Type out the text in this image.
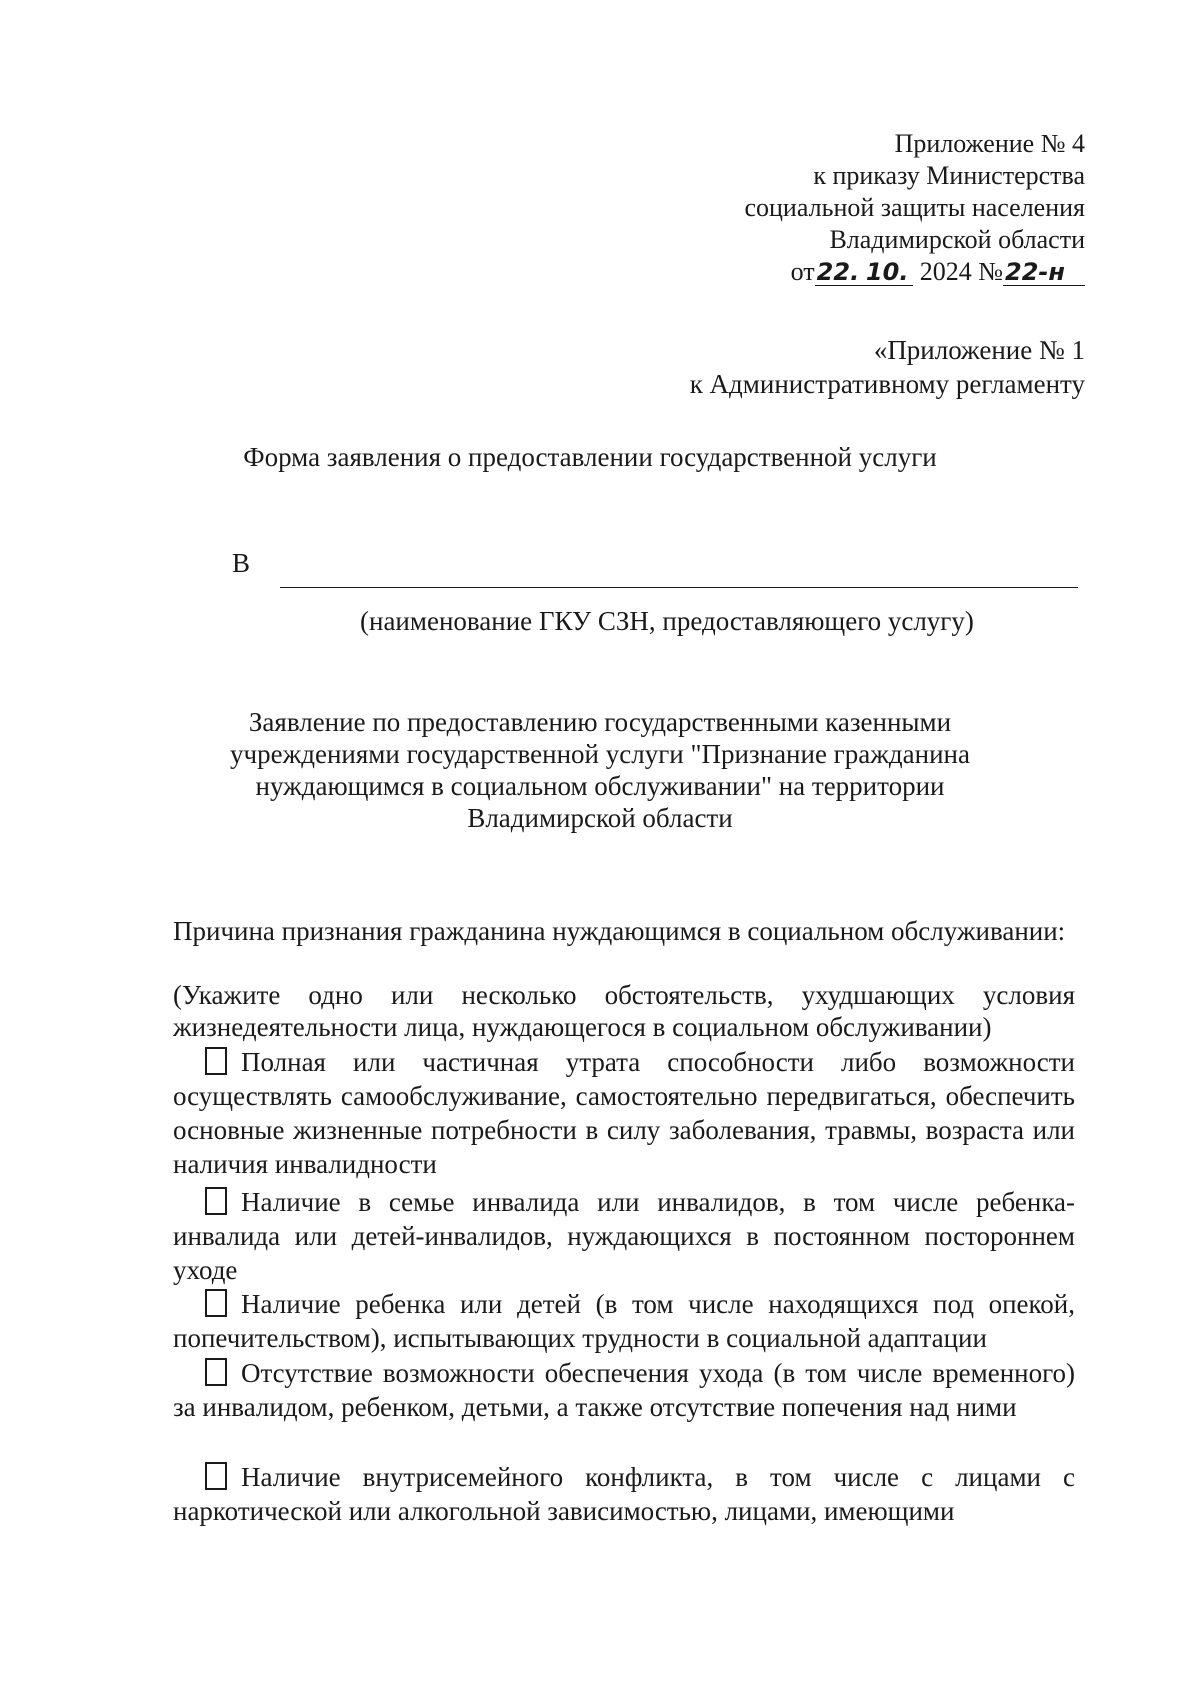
Приложение № 4
к приказу Министерства
социальной защиты населения
Владимирской области
от22. 10. 2024 №22-н
«Приложение № 1
к Административному регламенту
Форма заявления о предоставлении государственной услуги
В
(наименование ГКУ СЗН, предоставляющего услугу)
Заявление по предоставлению государственными казенными
учреждениями государственной услуги "Признание гражданина
нуждающимся в социальном обслуживании" на территории
Владимирской области
Причина признания гражданина нуждающимся в социальном обслуживании:
(Укажите одно или несколько обстоятельств, ухудшающих условия жизнедеятельности лица, нуждающегося в социальном обслуживании)
Полная или частичная утрата способности либо возможности осуществлять самообслуживание, самостоятельно передвигаться, обеспечить основные жизненные потребности в силу заболевания, травмы, возраста или наличия инвалидности
Наличие в семье инвалида или инвалидов, в том числе ребенка-инвалида или детей-инвалидов, нуждающихся в постоянном постороннем уходе
Наличие ребенка или детей (в том числе находящихся под опекой, попечительством), испытывающих трудности в социальной адаптации
Отсутствие возможности обеспечения ухода (в том числе временного) за инвалидом, ребенком, детьми, а также отсутствие попечения над ними
Наличие внутрисемейного конфликта, в том числе с лицами с наркотической или алкогольной зависимостью, лицами, имеющими
